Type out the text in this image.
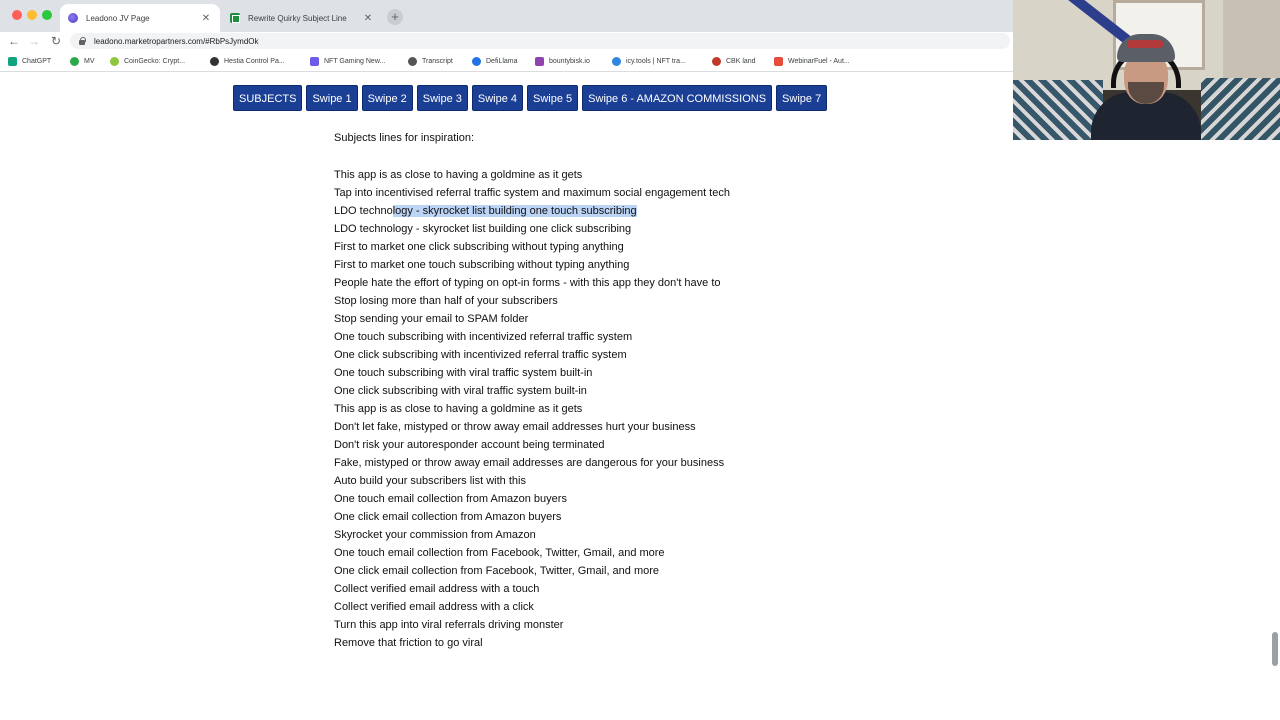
Leadono JV Page	✕	Rewrite Quirky Subject Line	✕	+
← → ↻	leadono.marketropartners.com/#RbPsJymdOk
ChatGPT	MV	CoinGecko: Crypt...	Hestia Control Pa...	NFT Gaming New...	Transcript	DefiLlama	bountybisk.io	icy.tools | NFT tra...	CBK land	WebinarFuel - Aut...
SUBJECTS	Swipe 1	Swipe 2	Swipe 3	Swipe 4	Swipe 5	Swipe 6 - AMAZON COMMISSIONS	Swipe 7
Subjects lines for inspiration:
This app is as close to having a goldmine as it gets
Tap into incentivised referral traffic system and maximum social engagement tech
LDO technology - skyrocket list building one touch subscribing
LDO technology - skyrocket list building one click subscribing
First to market one click subscribing without typing anything
First to market one touch subscribing without typing anything
People hate the effort of typing on opt-in forms - with this app they don't have to
Stop losing more than half of your subscribers
Stop sending your email to SPAM folder
One touch subscribing with incentivized referral traffic system
One click subscribing with incentivized referral traffic system
One touch subscribing with viral traffic system built-in
One click subscribing with viral traffic system built-in
This app is as close to having a goldmine as it gets
Don't let fake, mistyped or throw away email addresses hurt your business
Don't risk your autoresponder account being terminated
Fake, mistyped or throw away email addresses are dangerous for your business
Auto build your subscribers list with this
One touch email collection from Amazon buyers
One click email collection from Amazon buyers
Skyrocket your commission from Amazon
One touch email collection from Facebook, Twitter, Gmail, and more
One click email collection from Facebook, Twitter, Gmail, and more
Collect verified email address with a touch
Collect verified email address with a click
Turn this app into viral referrals driving monster
Remove that friction to go viral
